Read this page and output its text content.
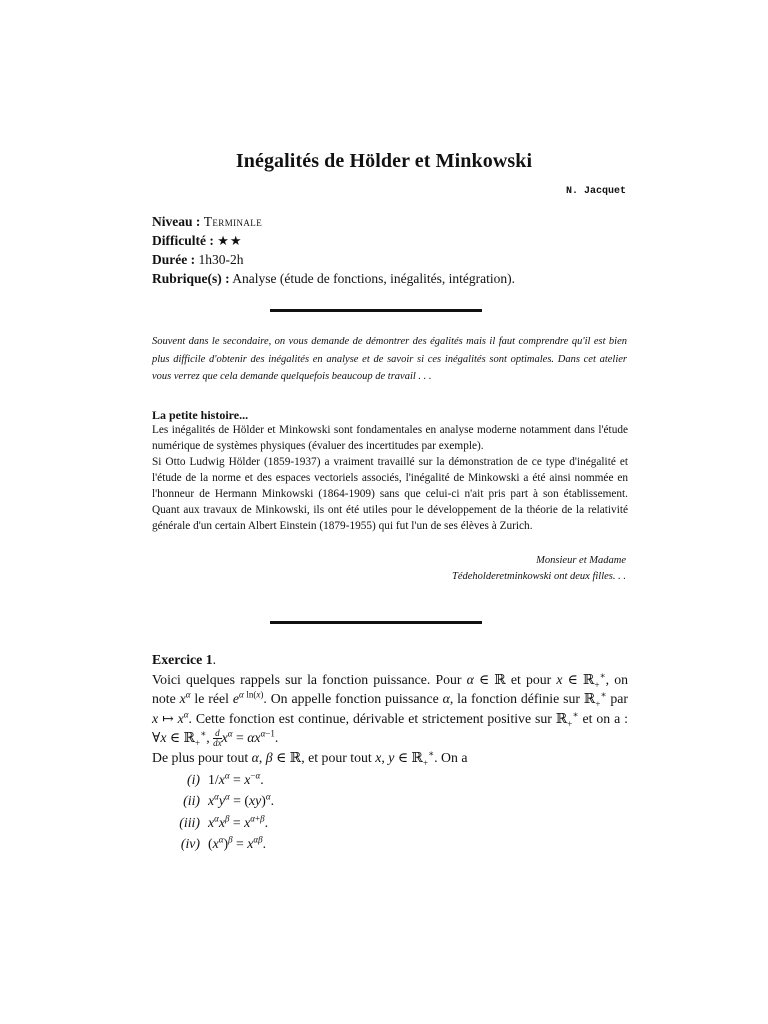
Inégalités de Hölder et Minkowski
N. Jacquet
Niveau : Terminale
Difficulté : ★★
Durée : 1h30-2h
Rubrique(s) : Analyse (étude de fonctions, inégalités, intégration).
Souvent dans le secondaire, on vous demande de démontrer des égalités mais il faut comprendre qu'il est bien plus difficile d'obtenir des inégalités en analyse et de savoir si ces inégalités sont optimales. Dans cet atelier vous verrez que cela demande quelquefois beaucoup de travail . . .
La petite histoire...

Les inégalités de Hölder et Minkowski sont fondamentales en analyse moderne notamment dans l'étude numérique de systèmes physiques (évaluer des incertitudes par exemple).

Si Otto Ludwig Hölder (1859-1937) a vraiment travaillé sur la démonstration de ce type d'inégalité et l'étude de la norme et des espaces vectoriels associés, l'inégalité de Minkowski a été ainsi nommée en l'honneur de Hermann Minkowski (1864-1909) sans que celui-ci n'ait pris part à son établissement. Quant aux travaux de Minkowski, ils ont été utiles pour le développement de la théorie de la relativité générale d'un certain Albert Einstein (1879-1955) qui fut l'un de ses élèves à Zurich.

Monsieur et Madame
Tédeholderetminkowski ont deux filles. . .
Exercice 1.
Voici quelques rappels sur la fonction puissance. Pour α ∈ ℝ et pour x ∈ ℝ$_+$∗, on note $x^\alpha$ le réel $e^{\alpha ln(x)}$. On appelle fonction puissance α, la fonction définie sur ℝ$_+$∗ par x ↦ $x^\alpha$. Cette fonction est continue, dérivable et strictement positive sur ℝ$_+$∗ et on a : ∀x ∈ ℝ$_+$∗, $\frac{d}{dx} x^\alpha = \alpha x^{\alpha-1}$.
De plus pour tout α, β ∈ ℝ, et pour tout x, y ∈ ℝ$_+$∗. On a
(i) $1/x^\alpha = x^{-\alpha}$.
(ii) $x^\alpha y^\alpha = (xy)^\alpha$.
(iii) $x^\alpha x^\beta = x^{\alpha+\beta}$.
(iv) $(x^\alpha)^\beta = x^{\alpha\beta}$.
